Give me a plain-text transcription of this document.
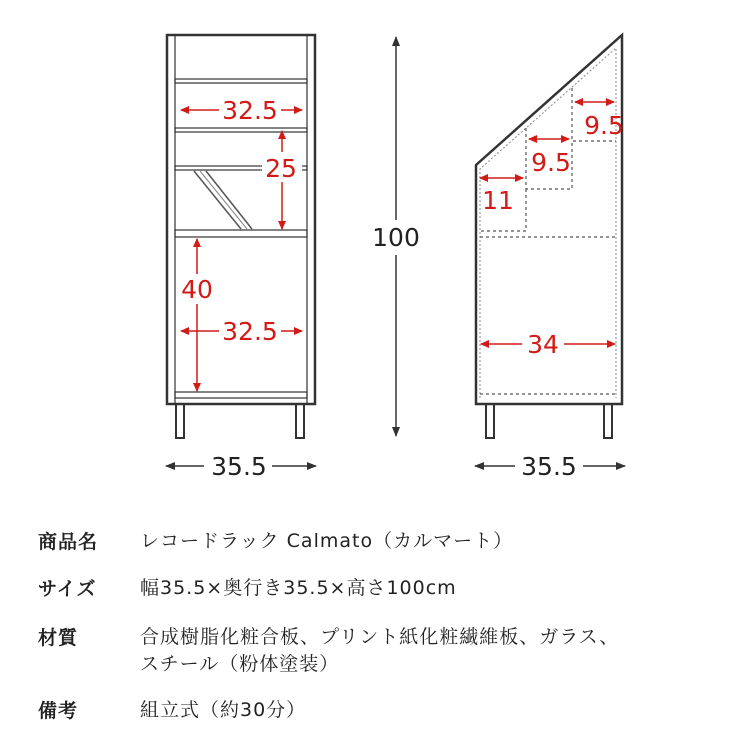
32.5
25
40
32.5
35.5
100
9.5
9.5
11
34
35.5
商品名	レコードラック Calmato（カルマート）
サイズ	幅35.5×奥行き35.5×高さ100cm
材質	合成樹脂化粧合板、プリント紙化粧繊維板、ガラス、
スチール（粉体塗装）
備考	組立式（約30分）
